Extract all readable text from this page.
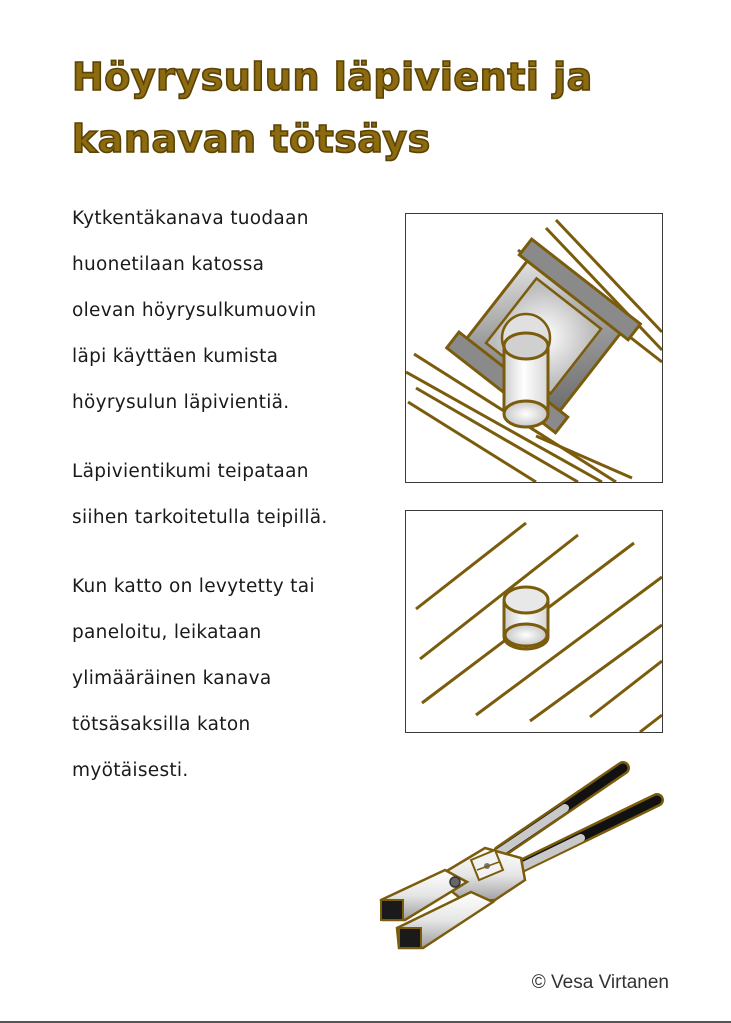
Höyrysulun läpivienti ja
kanavan tötsäys

Kytkentäkanava tuodaan
huonetilaan katossa
olevan höyrysulkumuovin
läpi käyttäen kumista
höyrysulun läpivientiä.

Läpivientikumi teipataan
siihen tarkoitetulla teipillä.

Kun katto on levytetty tai
paneloitu, leikataan
ylimääräinen kanava
tötsäsaksilla katon
myötäisesti.

© Vesa Virtanen
